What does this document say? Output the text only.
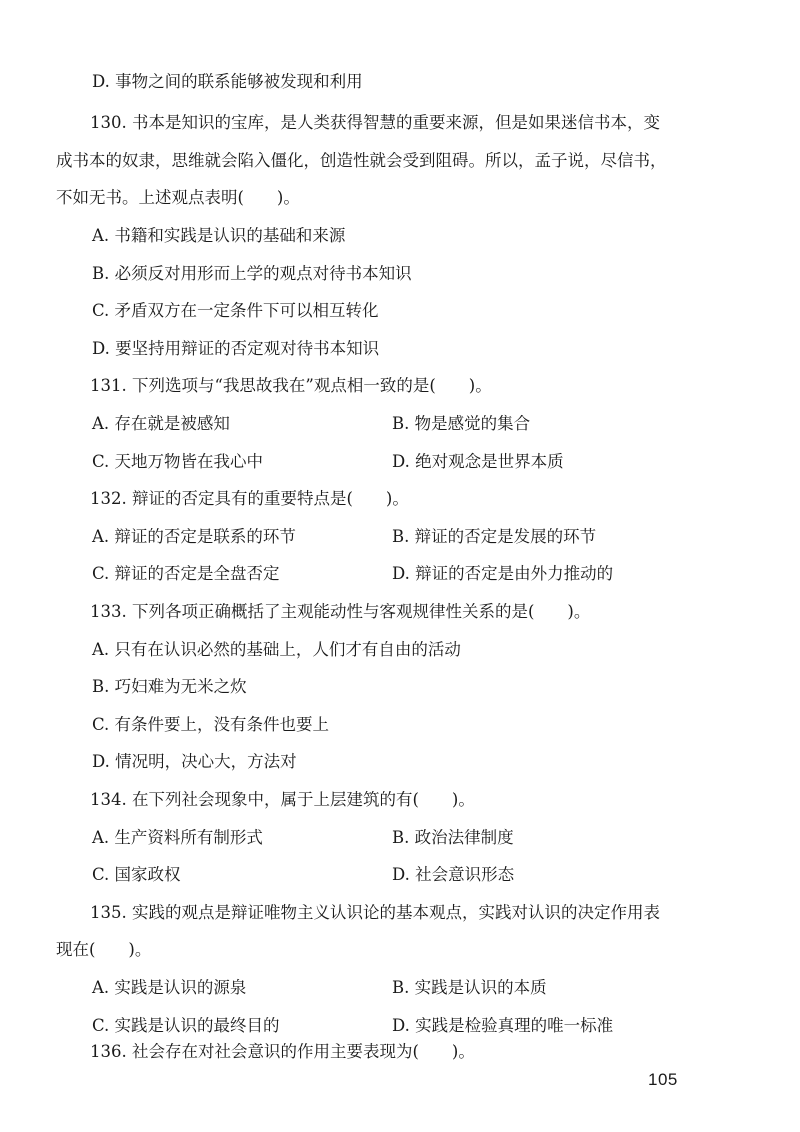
D. 事物之间的联系能够被发现和利用
130. 书本是知识的宝库，是人类获得智慧的重要来源，但是如果迷信书本，变
成书本的奴隶，思维就会陷入僵化，创造性就会受到阻碍。所以，孟子说，尽信书，
不如无书。上述观点表明(　　)。
A. 书籍和实践是认识的基础和来源
B. 必须反对用形而上学的观点对待书本知识
C. 矛盾双方在一定条件下可以相互转化
D. 要坚持用辩证的否定观对待书本知识
131. 下列选项与“我思故我在”观点相一致的是(　　)。
A. 存在就是被感知	B. 物是感觉的集合
C. 天地万物皆在我心中	D. 绝对观念是世界本质
132. 辩证的否定具有的重要特点是(　　)。
A. 辩证的否定是联系的环节	B. 辩证的否定是发展的环节
C. 辩证的否定是全盘否定	D. 辩证的否定是由外力推动的
133. 下列各项正确概括了主观能动性与客观规律性关系的是(　　)。
A. 只有在认识必然的基础上，人们才有自由的活动
B. 巧妇难为无米之炊
C. 有条件要上，没有条件也要上
D. 情况明，决心大，方法对
134. 在下列社会现象中，属于上层建筑的有(　　)。
A. 生产资料所有制形式	B. 政治法律制度
C. 国家政权	D. 社会意识形态
135. 实践的观点是辩证唯物主义认识论的基本观点，实践对认识的决定作用表
现在(　　)。
A. 实践是认识的源泉	B. 实践是认识的本质
C. 实践是认识的最终目的	D. 实践是检验真理的唯一标准
136. 社会存在对社会意识的作用主要表现为(　　)。
105
